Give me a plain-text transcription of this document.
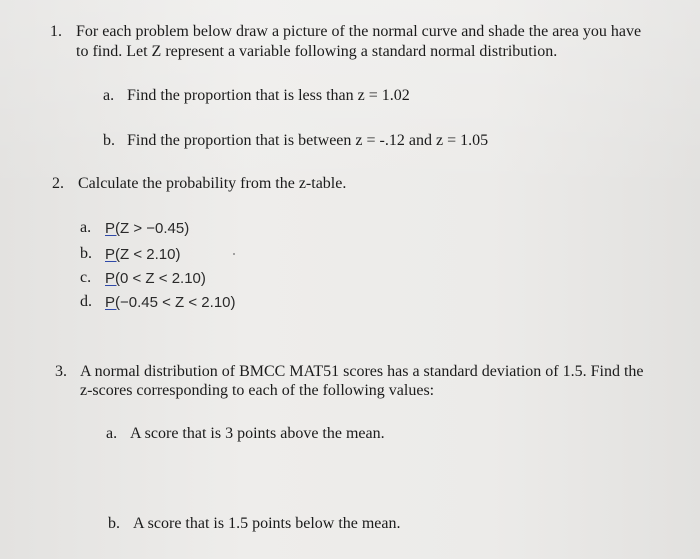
1. For each problem below draw a picture of the normal curve and shade the area you have
to find. Let Z represent a variable following a standard normal distribution.
a. Find the proportion that is less than z = 1.02
b. Find the proportion that is between z = -.12 and z = 1.05
2. Calculate the probability from the z-table.
a. P(Z > −0.45)
b. P(Z < 2.10)
c. P(0 < Z < 2.10)
d. P(−0.45 < Z < 2.10)
3. A normal distribution of BMCC MAT51 scores has a standard deviation of 1.5. Find the
z-scores corresponding to each of the following values:
a. A score that is 3 points above the mean.
b. A score that is 1.5 points below the mean.
